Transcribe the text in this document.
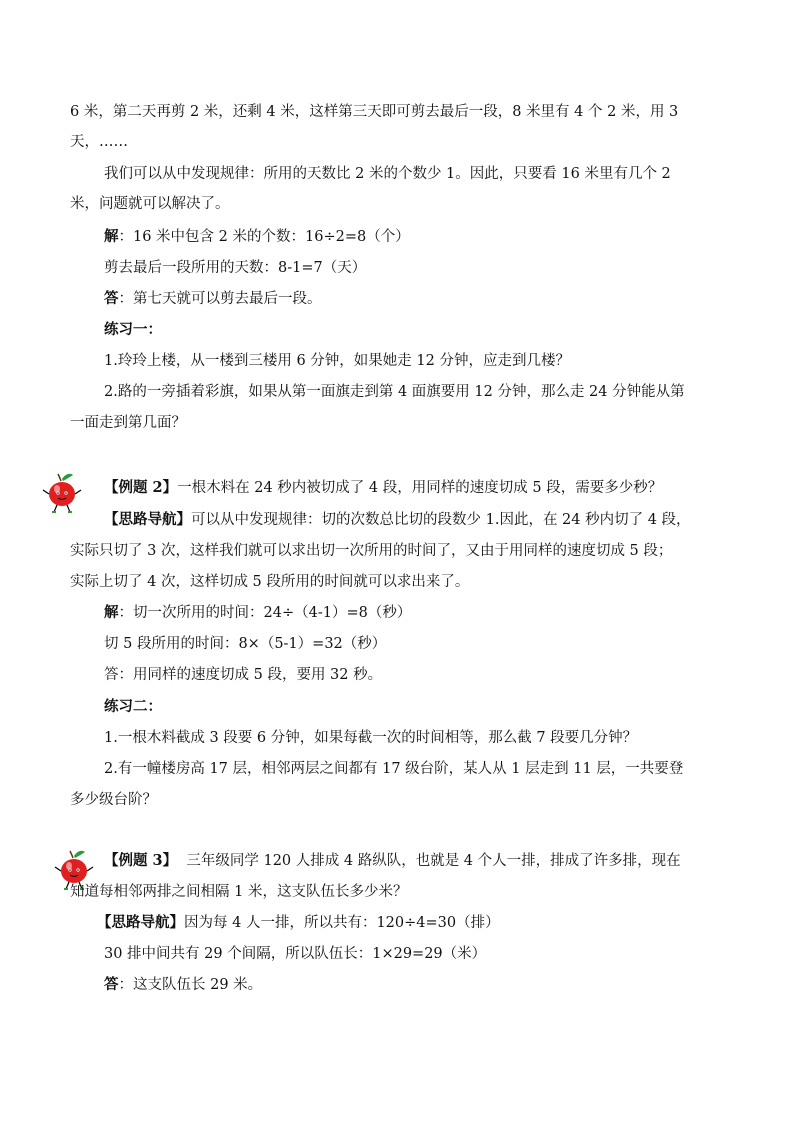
6 米，第二天再剪 2 米，还剩 4 米，这样第三天即可剪去最后一段，8 米里有 4 个 2 米，用 3
天，……
我们可以从中发现规律：所用的天数比 2 米的个数少 1。因此，只要看 16 米里有几个 2
米，问题就可以解决了。
解：16 米中包含 2 米的个数：16÷2=8（个）
剪去最后一段所用的天数：8-1=7（天）
答：第七天就可以剪去最后一段。
练习一：
1.玲玲上楼，从一楼到三楼用 6 分钟，如果她走 12 分钟，应走到几楼？
2.路的一旁插着彩旗，如果从第一面旗走到第 4 面旗要用 12 分钟，那么走 24 分钟能从第
一面走到第几面？
【例题 2】一根木料在 24 秒内被切成了 4 段，用同样的速度切成 5 段，需要多少秒？
【思路导航】可以从中发现规律：切的次数总比切的段数少 1.因此，在 24 秒内切了 4 段，
实际只切了 3 次，这样我们就可以求出切一次所用的时间了，又由于用同样的速度切成 5 段；
实际上切了 4 次，这样切成 5 段所用的时间就可以求出来了。
解：切一次所用的时间：24÷（4-1）=8（秒）
切 5 段所用的时间：8×（5-1）=32（秒）
答：用同样的速度切成 5 段，要用 32 秒。
练习二：
1.一根木料截成 3 段要 6 分钟，如果每截一次的时间相等，那么截 7 段要几分钟？
2.有一幢楼房高 17 层，相邻两层之间都有 17 级台阶，某人从 1 层走到 11 层，一共要登
多少级台阶？
【例题 3】 三年级同学 120 人排成 4 路纵队，也就是 4 个人一排，排成了许多排，现在
知道每相邻两排之间相隔 1 米，这支队伍长多少米？
【思路导航】因为每 4 人一排，所以共有：120÷4=30（排）
30 排中间共有 29 个间隔，所以队伍长：1×29=29（米）
答：这支队伍长 29 米。
